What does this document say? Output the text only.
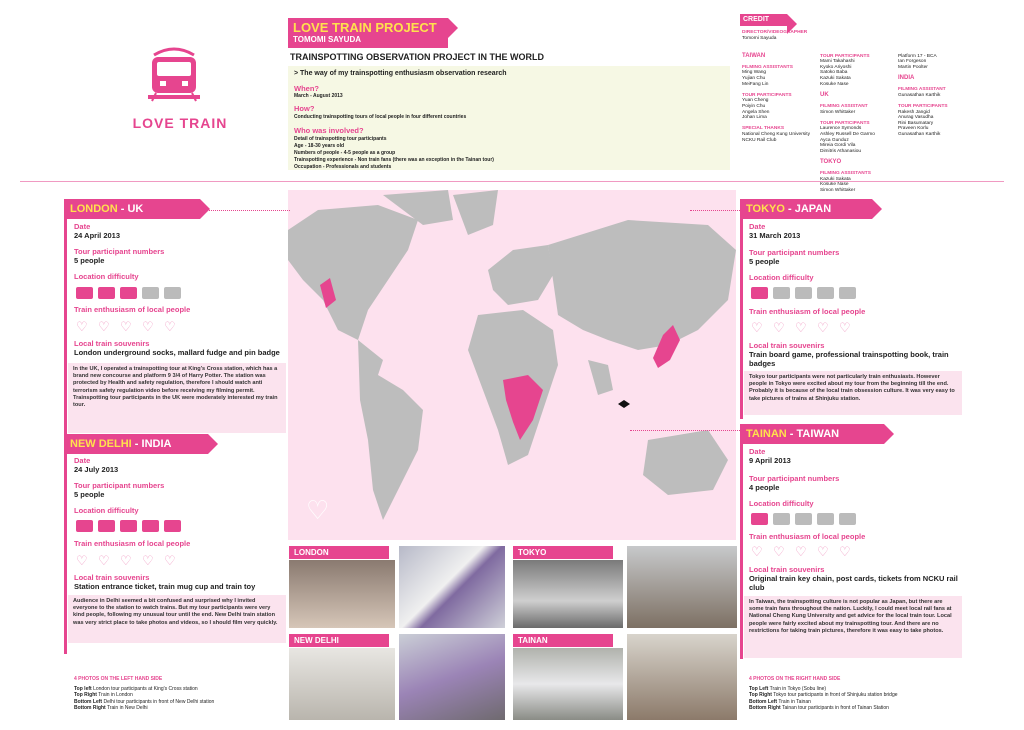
LOVE TRAIN
LOVE TRAIN PROJECT
TOMOMI SAYUDA
TRAINSPOTTING OBSERVATION PROJECT IN THE WORLD
> The way of my trainspotting enthusiasm observation research
When?
March - August 2013
How?
Conducting trainspotting tours of local people in four different countries
Who was involved?
Detail of trainspotting tour participants
Age - 18-30 years old
Numbers of people - 4-5 people as a group
Trainspotting experience - Non train fans (there was an exception in the Tainan tour)
Occupation - Professionals and students
CREDIT
DIRECTOR/VIDEOGRAPHER
Tomomi Sayuda

TAIWAN

FILMING ASSISTANTS

Ming Wang
Yujian Chu
MeiFang Lin

TOUR PARTICIPANTS

Yuan Cheng
Poiyin Chu
Angela Shen
Johan Lima

SPECIAL THANKS

National Cheng Kung University
NCKU Rail Club

TOUR PARTICIPANTS

Mami Takahashi
Kyoko Ariyoshi
Satoko Baba
Kazuki Sakata
Kosuke Nase

UK

FILMING ASSISTANT

Simon Whittaker

TOUR PARTICIPANTS

Laurence Symonds
Ashley Russell De Garmo
Ayca Gunduz
Mireia Gordi Vila
Dimitris Athanasiou

TOKYO

FILMING ASSISTANTS

Kazuki Sakata
Kosuke Nase
Simon Whittaker

Platform 17 - BCA
Ian Forgeson
Martin Poolter

INDIA

FILMING ASSISTANT

Gunasathan Karthik

TOUR PARTICIPANTS

Rakesh Jangid
Anurag Vasudha
Rini Basumatary
Praveen Korlu
Gunasathan Karthik

♡
LONDON - UK
Date
24 April 2013
Tour participant numbers
5 people
Location difficulty
Train enthusiasm of local people
♡ ♡ ♡ ♡ ♡
Local train souvenirs
London underground socks, mallard fudge and pin badge
In the UK, I operated a trainspotting tour at King's Cross station, which has a brand new concourse and platform 9 3/4 of Harry Potter. The station was protected by Health and safety regulation, therefore I should watch anti terrorism safety regulation video before receiving my filming permit. Trainspotting tour participants in the UK were moderately interested my train tour.
NEW DELHI - INDIA
Date
24 July 2013
Tour participant numbers
5 people
Location difficulty
Train enthusiasm of local people
♡ ♡ ♡ ♡ ♡
Local train souvenirs
Station entrance ticket, train mug cup and train toy
Audience in Delhi seemed a bit confused and surprised why I invited everyone to the station to watch trains. But my tour participants were very kind people, following my unusual tour until the end. New Delhi train station was very strict place to take photos and videos, so I should film very quickly.
TOKYO - JAPAN
Date
31 March 2013
Tour participant numbers
5 people
Location difficulty
Train enthusiasm of local people
♡ ♡ ♡ ♡ ♡
Local train souvenirs
Train board game, professional trainspotting book, train badges
Tokyo tour participants were not particularly train enthusiasts. However people in Tokyo were excited about my tour from the beginning till the end. Probably it is because of the local train obsession culture. It was very easy to take pictures of trains at Shinjuku station.
TAINAN - TAIWAN
Date
9 April 2013
Tour participant numbers
4 people
Location difficulty
Train enthusiasm of local people
♡ ♡ ♡ ♡ ♡
Local train souvenirs
Original train key chain, post cards, tickets from NCKU rail club
In Taiwan, the trainspotting culture is not popular as Japan, but there are some train fans throughout the nation. Luckily, I could meet local rail fans at National Cheng Kung University and get advice for the local train tour. Local people were fairly excited about my trainspotting tour. And there are no restrictions for taking train pictures, therefore it was easy to take photos.
LONDON
NEW DELHI
TOKYO
TAINAN
4 PHOTOS ON THE LEFT HAND SIDE
Top left London tour participants at King's Cross station
Top Right Train in London
Bottom Left Delhi tour participants in front of New Delhi station
Bottom Right Train in New Delhi
4 PHOTOS ON THE RIGHT HAND SIDE
Top Left Train in Tokyo (Sobu line)
Top Right Tokyo tour participants in front of Shinjuku station bridge
Bottom Left Train in Tainan
Bottom Right Tainan tour participants in front of Tainan Station
